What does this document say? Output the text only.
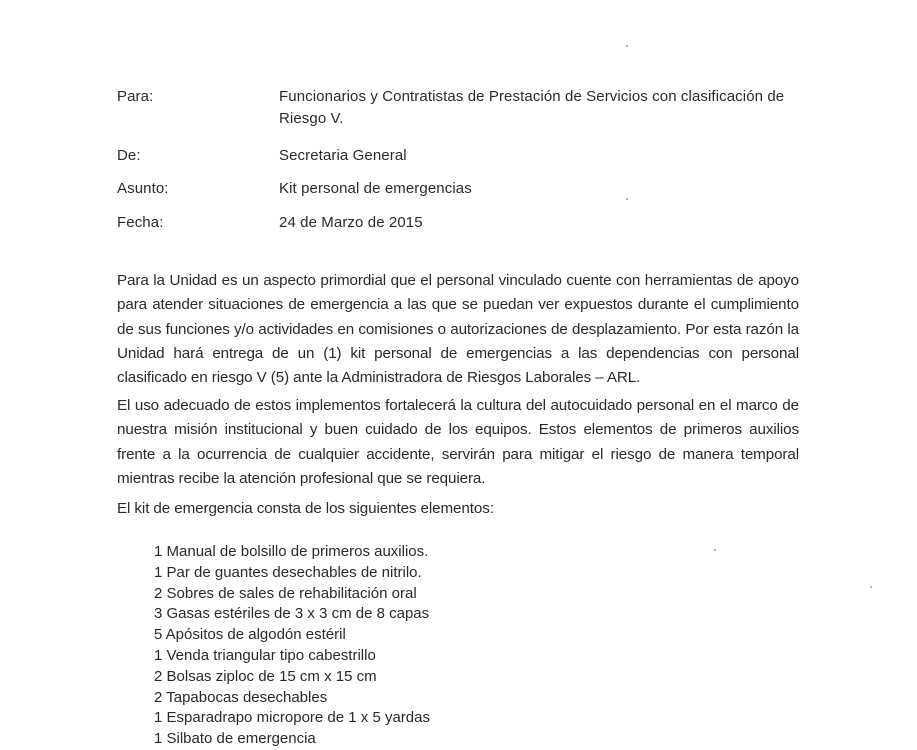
Para:	Funcionarios y Contratistas de Prestación de Servicios con clasificación de Riesgo V.
De:	Secretaria General
Asunto:	Kit personal de emergencias
Fecha:	24 de Marzo de 2015

Para la Unidad es un aspecto primordial que el personal vinculado cuente con herramientas de apoyo para atender situaciones de emergencia a las que se puedan ver expuestos durante el cumplimiento de sus funciones y/o actividades en comisiones o autorizaciones de desplazamiento. Por esta razón la Unidad hará entrega de un (1) kit personal de emergencias a las dependencias con personal clasificado en riesgo V (5) ante la Administradora de Riesgos Laborales – ARL.

El uso adecuado de estos implementos fortalecerá la cultura del autocuidado personal en el marco de nuestra misión institucional y buen cuidado de los equipos. Estos elementos de primeros auxilios frente a la ocurrencia de cualquier accidente, servirán para mitigar el riesgo de manera temporal mientras recibe la atención profesional que se requiera.

El kit de emergencia consta de los siguientes elementos:

1 Manual de bolsillo de primeros auxilios.
1 Par de guantes desechables de nitrilo.
2 Sobres de sales de rehabilitación oral
3 Gasas estériles de 3 x 3 cm de 8 capas
5 Apósitos de algodón estéril
1 Venda triangular tipo cabestrillo
2 Bolsas ziploc de 15 cm x 15 cm
2 Tapabocas desechables
1 Esparadrapo micropore de 1 x 5 yardas
1 Silbato de emergencia
